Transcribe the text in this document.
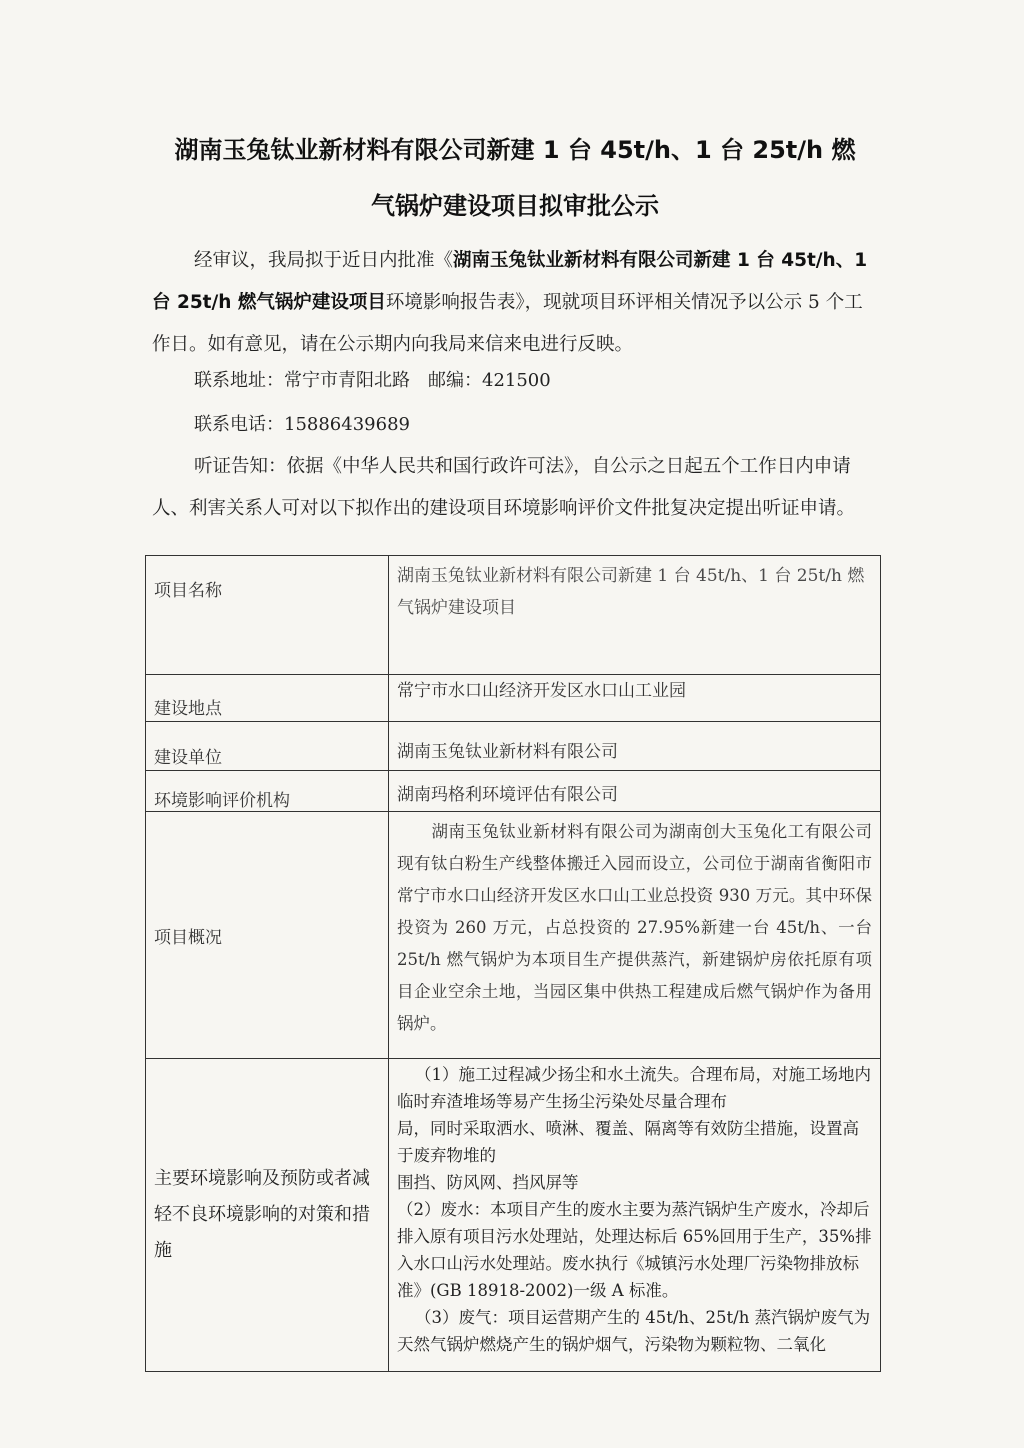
湖南玉兔钛业新材料有限公司新建 1 台 45t/h、1 台 25t/h 燃
气锅炉建设项目拟审批公示
经审议，我局拟于近日内批准《湖南玉兔钛业新材料有限公司新建 1 台 45t/h、1 台 25t/h 燃气锅炉建设项目环境影响报告表》，现就项目环评相关情况予以公示 5 个工作日。如有意见，请在公示期内向我局来信来电进行反映。
联系地址：常宁市青阳北路　邮编：421500
联系电话：15886439689
听证告知：依据《中华人民共和国行政许可法》，自公示之日起五个工作日内申请人、利害关系人可对以下拟作出的建设项目环境影响评价文件批复决定提出听证申请。
项目名称	湖南玉兔钛业新材料有限公司新建 1 台 45t/h、1 台 25t/h 燃气锅炉建设项目
建设地点	常宁市水口山经济开发区水口山工业园
建设单位	湖南玉兔钛业新材料有限公司
环境影响评价机构	湖南玛格利环境评估有限公司
项目概况	湖南玉兔钛业新材料有限公司为湖南创大玉兔化工有限公司现有钛白粉生产线整体搬迁入园而设立，公司位于湖南省衡阳市常宁市水口山经济开发区水口山工业总投资 930 万元。其中环保投资为 260 万元，占总投资的 27.95%新建一台 45t/h、一台 25t/h 燃气锅炉为本项目生产提供蒸汽，新建锅炉房依托原有项目企业空余土地，当园区集中供热工程建成后燃气锅炉作为备用锅炉。
主要环境影响及预防或者减轻不良环境影响的对策和措施	（1）施工过程减少扬尘和水土流失。合理布局，对施工场地内临时弃渣堆场等易产生扬尘污染处尽量合理布

局，同时采取洒水、喷淋、覆盖、隔离等有效防尘措施，设置高于废弃物堆的

围挡、防风网、挡风屏等

（2）废水：本项目产生的废水主要为蒸汽锅炉生产废水，冷却后排入原有项目污水处理站，处理达标后 65%回用于生产，35%排入水口山污水处理站。废水执行《城镇污水处理厂污染物排放标准》(GB 18918-2002)一级 A 标准。

（3）废气：项目运营期产生的 45t/h、25t/h 蒸汽锅炉废气为天然气锅炉燃烧产生的锅炉烟气，污染物为颗粒物、二氧化
